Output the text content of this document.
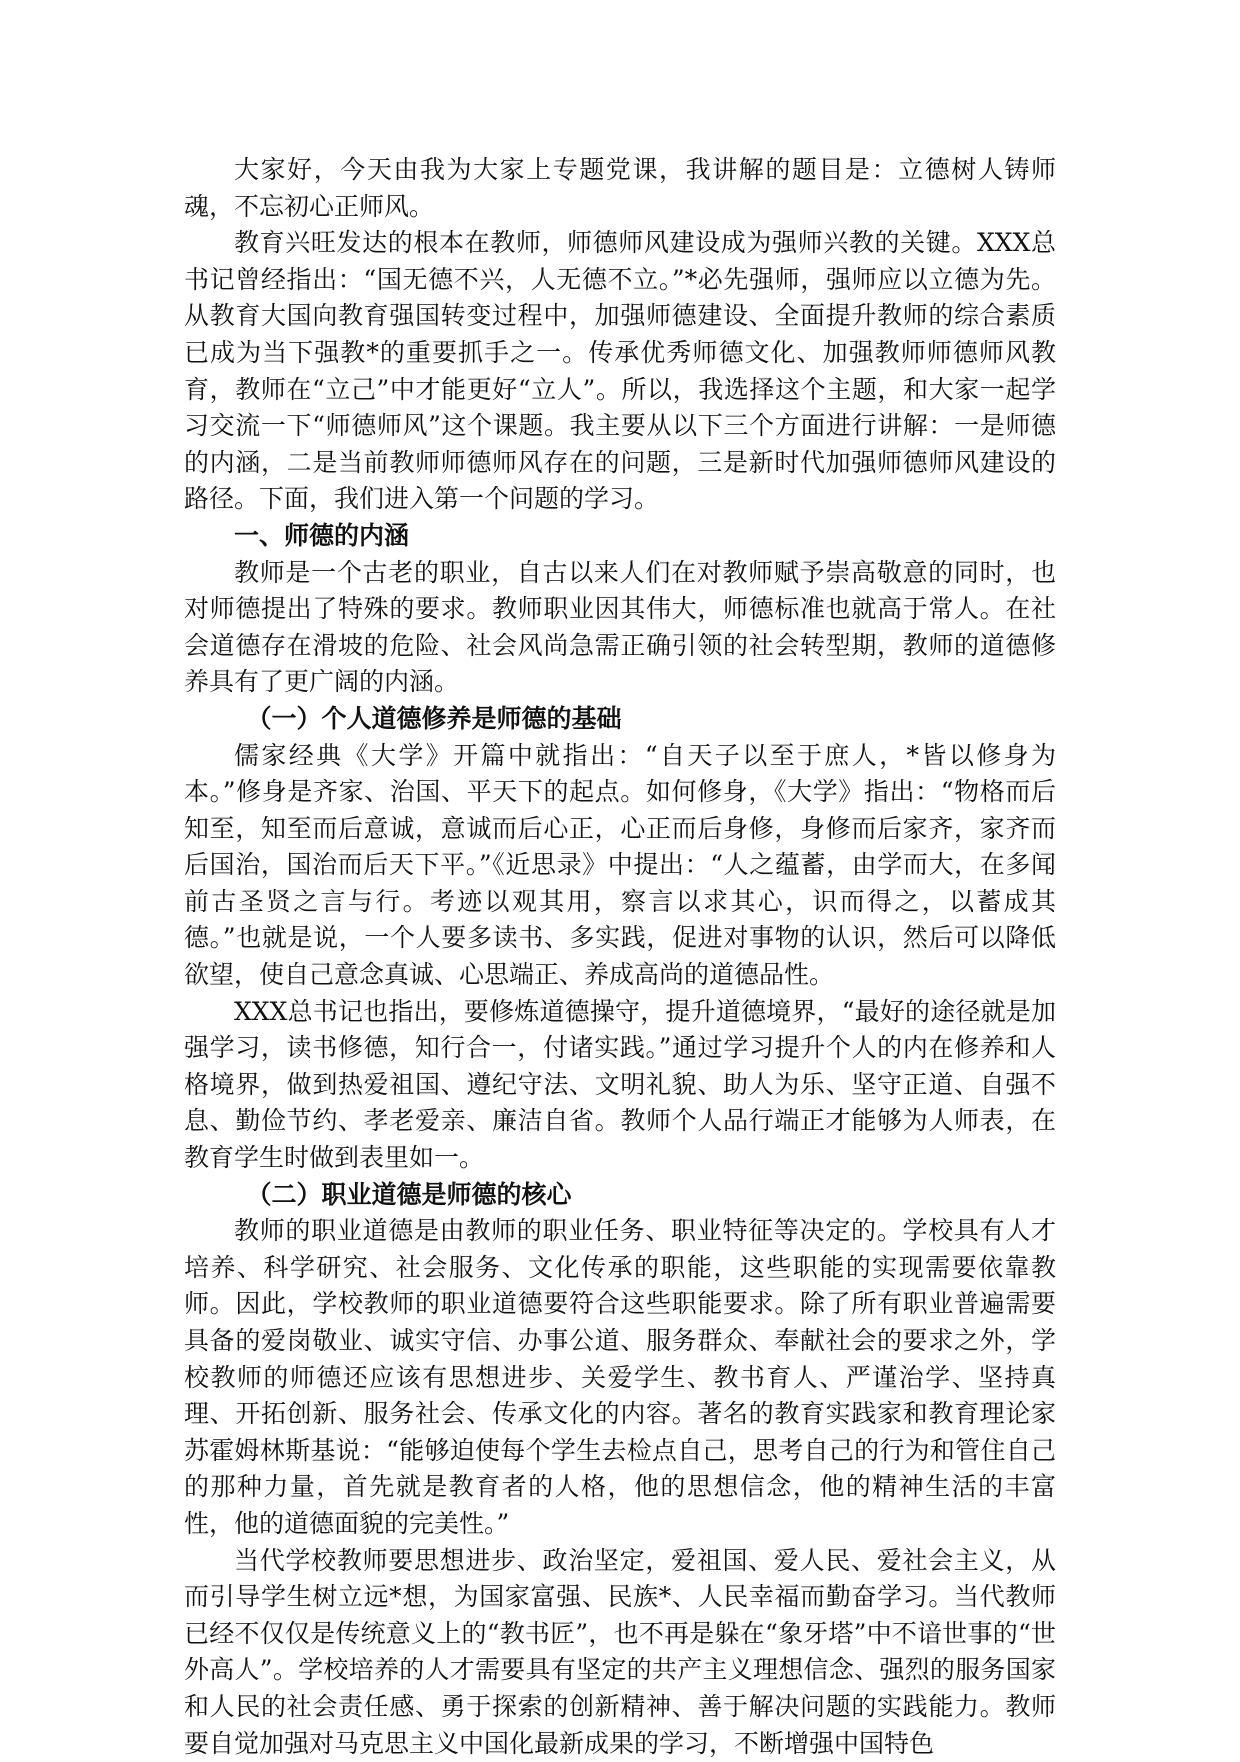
大家好，今天由我为大家上专题党课，我讲解的题目是：立德树人铸师魂，不忘初心正师风。

教育兴旺发达的根本在教师，师德师风建设成为强师兴教的关键。XXX总书记曾经指出：“国无德不兴，人无德不立。”*必先强师，强师应以立德为先。从教育大国向教育强国转变过程中，加强师德建设、全面提升教师的综合素质已成为当下强教*的重要抓手之一。传承优秀师德文化、加强教师师德师风教育，教师在“立己”中才能更好“立人”。所以，我选择这个主题，和大家一起学习交流一下“师德师风”这个课题。我主要从以下三个方面进行讲解：一是师德的内涵，二是当前教师师德师风存在的问题，三是新时代加强师德师风建设的路径。下面，我们进入第一个问题的学习。

一、师德的内涵

教师是一个古老的职业，自古以来人们在对教师赋予崇高敬意的同时，也对师德提出了特殊的要求。教师职业因其伟大，师德标准也就高于常人。在社会道德存在滑坡的危险、社会风尚急需正确引领的社会转型期，教师的道德修养具有了更广阔的内涵。

（一）个人道德修养是师德的基础

儒家经典《大学》开篇中就指出：“自天子以至于庶人，*皆以修身为本。”修身是齐家、治国、平天下的起点。如何修身，《大学》指出：“物格而后知至，知至而后意诚，意诚而后心正，心正而后身修，身修而后家齐，家齐而后国治，国治而后天下平。”《近思录》中提出：“人之蕴蓄，由学而大，在多闻前古圣贤之言与行。考迹以观其用，察言以求其心，识而得之，以蓄成其德。”也就是说，一个人要多读书、多实践，促进对事物的认识，然后可以降低欲望，使自己意念真诚、心思端正、养成高尚的道德品性。

XXX总书记也指出，要修炼道德操守，提升道德境界，“最好的途径就是加强学习，读书修德，知行合一，付诸实践。”通过学习提升个人的内在修养和人格境界，做到热爱祖国、遵纪守法、文明礼貌、助人为乐、坚守正道、自强不息、勤俭节约、孝老爱亲、廉洁自省。教师个人品行端正才能够为人师表，在教育学生时做到表里如一。

（二）职业道德是师德的核心

教师的职业道德是由教师的职业任务、职业特征等决定的。学校具有人才培养、科学研究、社会服务、文化传承的职能，这些职能的实现需要依靠教师。因此，学校教师的职业道德要符合这些职能要求。除了所有职业普遍需要具备的爱岗敬业、诚实守信、办事公道、服务群众、奉献社会的要求之外，学校教师的师德还应该有思想进步、关爱学生、教书育人、严谨治学、坚持真理、开拓创新、服务社会、传承文化的内容。著名的教育实践家和教育理论家苏霍姆林斯基说：“能够迫使每个学生去检点自己，思考自己的行为和管住自己的那种力量，首先就是教育者的人格，他的思想信念，他的精神生活的丰富性，他的道德面貌的完美性。”

当代学校教师要思想进步、政治坚定，爱祖国、爱人民、爱社会主义，从而引导学生树立远*想，为国家富强、民族*、人民幸福而勤奋学习。当代教师已经不仅仅是传统意义上的“教书匠”，也不再是躲在“象牙塔”中不谙世事的“世外高人”。学校培养的人才需要具有坚定的共产主义理想信念、强烈的服务国家和人民的社会责任感、勇于探索的创新精神、善于解决问题的实践能力。教师要自觉加强对马克思主义中国化最新成果的学习，不断增强中国特色
